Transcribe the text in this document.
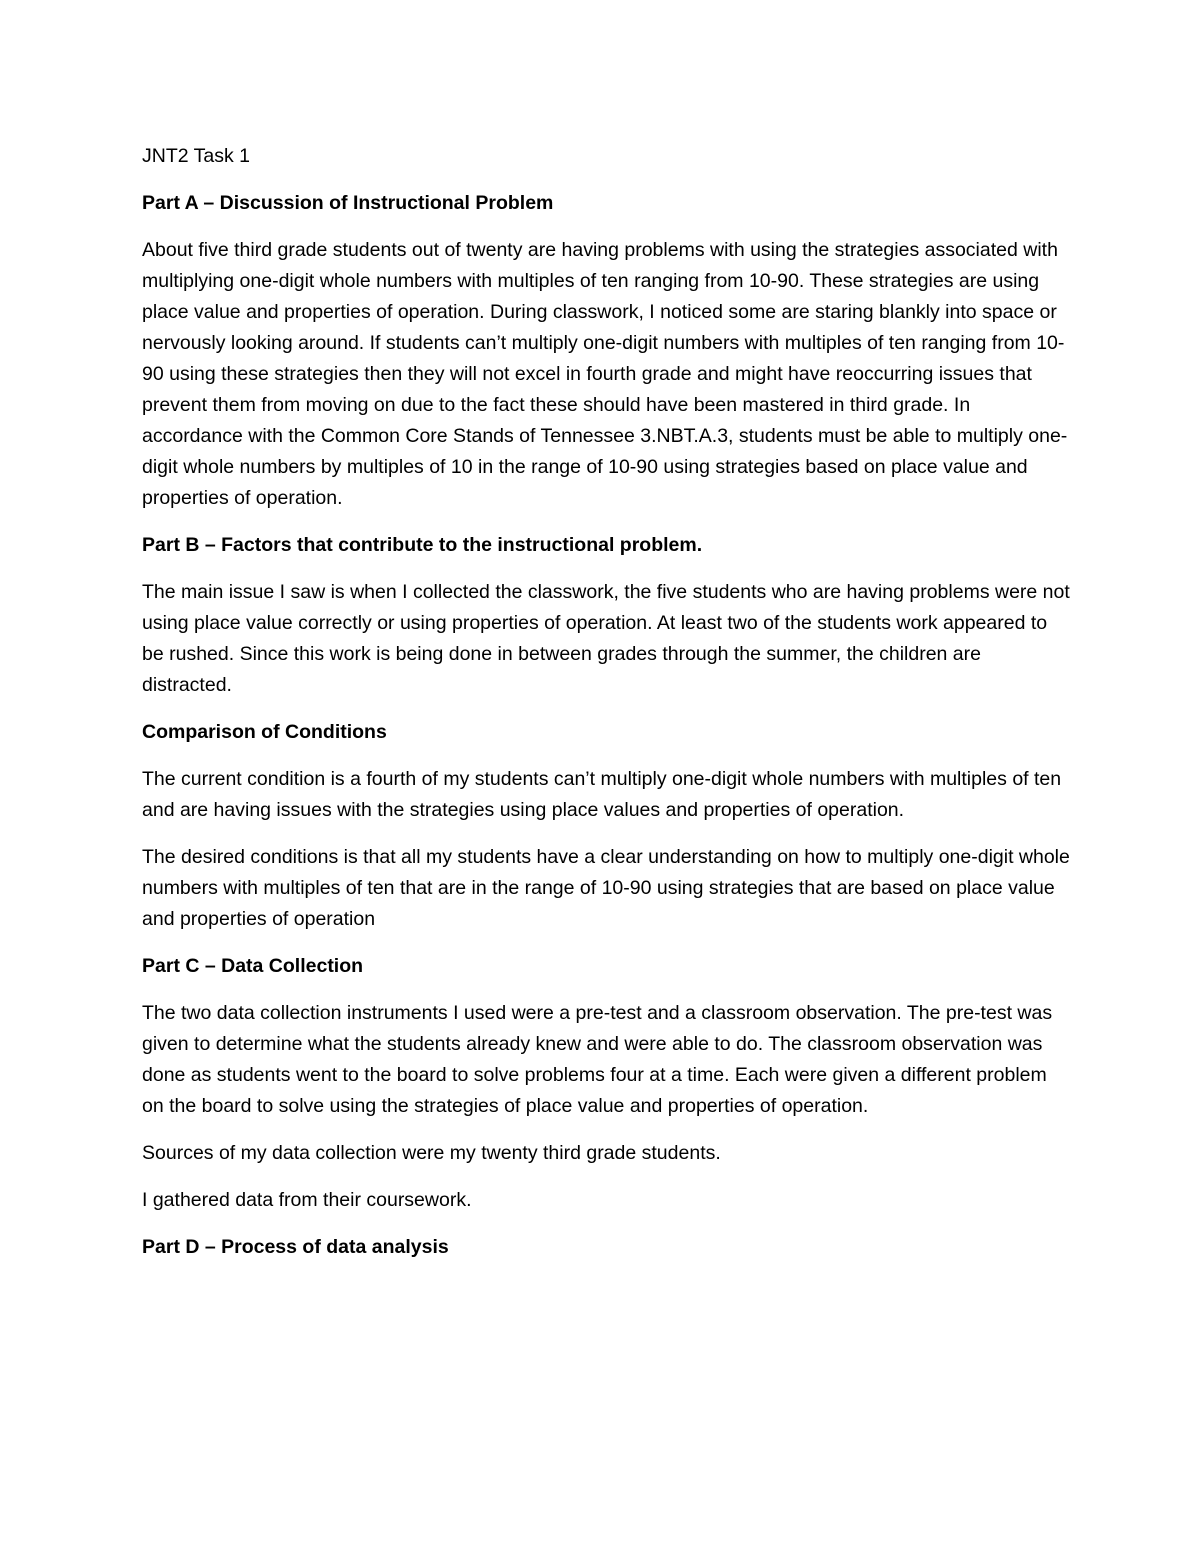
JNT2 Task 1

Part A – Discussion of Instructional Problem

About five third grade students out of twenty are having problems with using the strategies associated with multiplying one-digit whole numbers with multiples of ten ranging from 10-90. These strategies are using place value and properties of operation. During classwork, I noticed some are staring blankly into space or nervously looking around. If students can’t multiply one-digit numbers with multiples of ten ranging from 10-90 using these strategies then they will not excel in fourth grade and might have reoccurring issues that prevent them from moving on due to the fact these should have been mastered in third grade. In accordance with the Common Core Stands of Tennessee 3.NBT.A.3, students must be able to multiply one-digit whole numbers by multiples of 10 in the range of 10-90 using strategies based on place value and properties of operation.

Part B – Factors that contribute to the instructional problem.

The main issue I saw is when I collected the classwork, the five students who are having problems were not using place value correctly or using properties of operation. At least two of the students work appeared to be rushed. Since this work is being done in between grades through the summer, the children are distracted.

Comparison of Conditions

The current condition is a fourth of my students can’t multiply one-digit whole numbers with multiples of ten and are having issues with the strategies using place values and properties of operation.

The desired conditions is that all my students have a clear understanding on how to multiply one-digit whole numbers with multiples of ten that are in the range of 10-90 using strategies that are based on place value and properties of operation

Part C – Data Collection

The two data collection instruments I used were a pre-test and a classroom observation. The pre-test was given to determine what the students already knew and were able to do. The classroom observation was done as students went to the board to solve problems four at a time. Each were given a different problem on the board to solve using the strategies of place value and properties of operation.

Sources of my data collection were my twenty third grade students.

I gathered data from their coursework.

Part D – Process of data analysis
